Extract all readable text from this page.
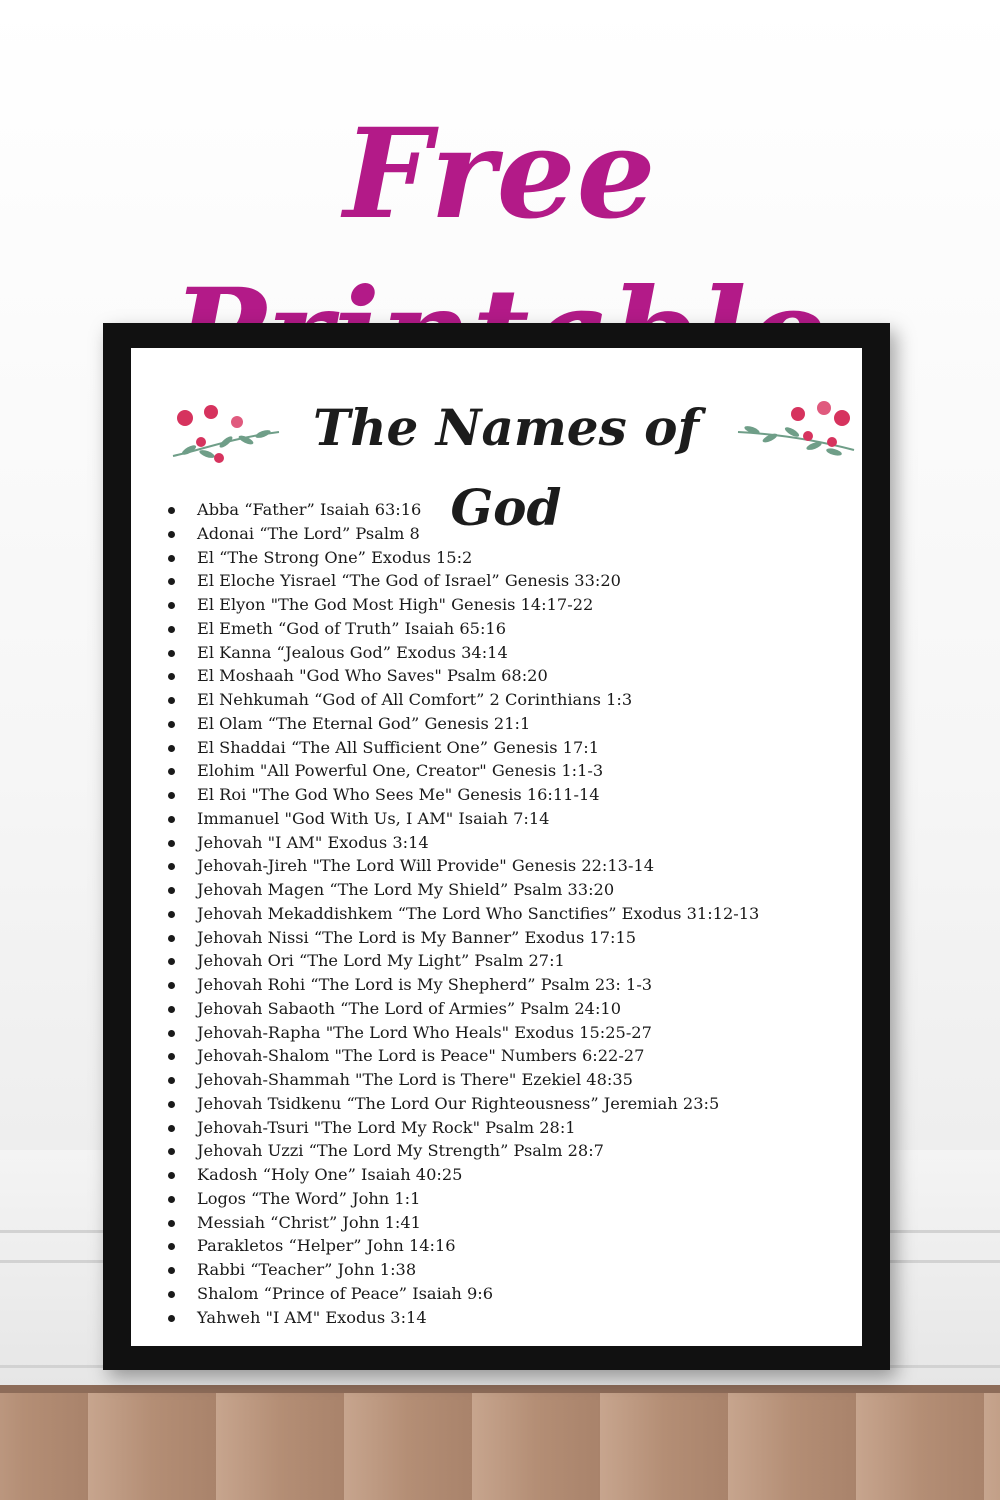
Free
The Names of God
Abba “Father” Isaiah 63:16
Adonai “The Lord” Psalm 8
El “The Strong One” Exodus 15:2
El Eloche Yisrael “The God of Israel” Genesis 33:20
El Elyon "The God Most High" Genesis 14:17-22
El Emeth “God of Truth” Isaiah 65:16
El Kanna “Jealous God” Exodus 34:14
El Moshaah "God Who Saves" Psalm 68:20
El Nehkumah “God of All Comfort” 2 Corinthians 1:3
El Olam “The Eternal God” Genesis 21:1
El Shaddai “The All Sufficient One” Genesis 17:1
Elohim "All Powerful One, Creator" Genesis 1:1-3
El Roi "The God Who Sees Me" Genesis 16:11-14
Immanuel "God With Us, I AM" Isaiah 7:14
Jehovah "I AM" Exodus 3:14
Jehovah-Jireh "The Lord Will Provide" Genesis 22:13-14
Jehovah Magen “The Lord My Shield” Psalm 33:20
Jehovah Mekaddishkem “The Lord Who Sanctifies” Exodus 31:12-13
Jehovah Nissi “The Lord is My Banner” Exodus 17:15
Jehovah Ori “The Lord My Light” Psalm 27:1
Jehovah Rohi “The Lord is My Shepherd” Psalm 23: 1-3
Jehovah Sabaoth “The Lord of Armies” Psalm 24:10
Jehovah-Rapha "The Lord Who Heals" Exodus 15:25-27
Jehovah-Shalom "The Lord is Peace" Numbers 6:22-27
Jehovah-Shammah "The Lord is There" Ezekiel 48:35
Jehovah Tsidkenu “The Lord Our Righteousness” Jeremiah 23:5
Jehovah-Tsuri "The Lord My Rock" Psalm 28:1
Jehovah Uzzi “The Lord My Strength” Psalm 28:7
Kadosh “Holy One” Isaiah 40:25
Logos “The Word” John 1:1
Messiah “Christ” John 1:41
Parakletos “Helper” John 14:16
Rabbi “Teacher” John 1:38
Shalom “Prince of Peace” Isaiah 9:6
Yahweh "I AM" Exodus 3:14
